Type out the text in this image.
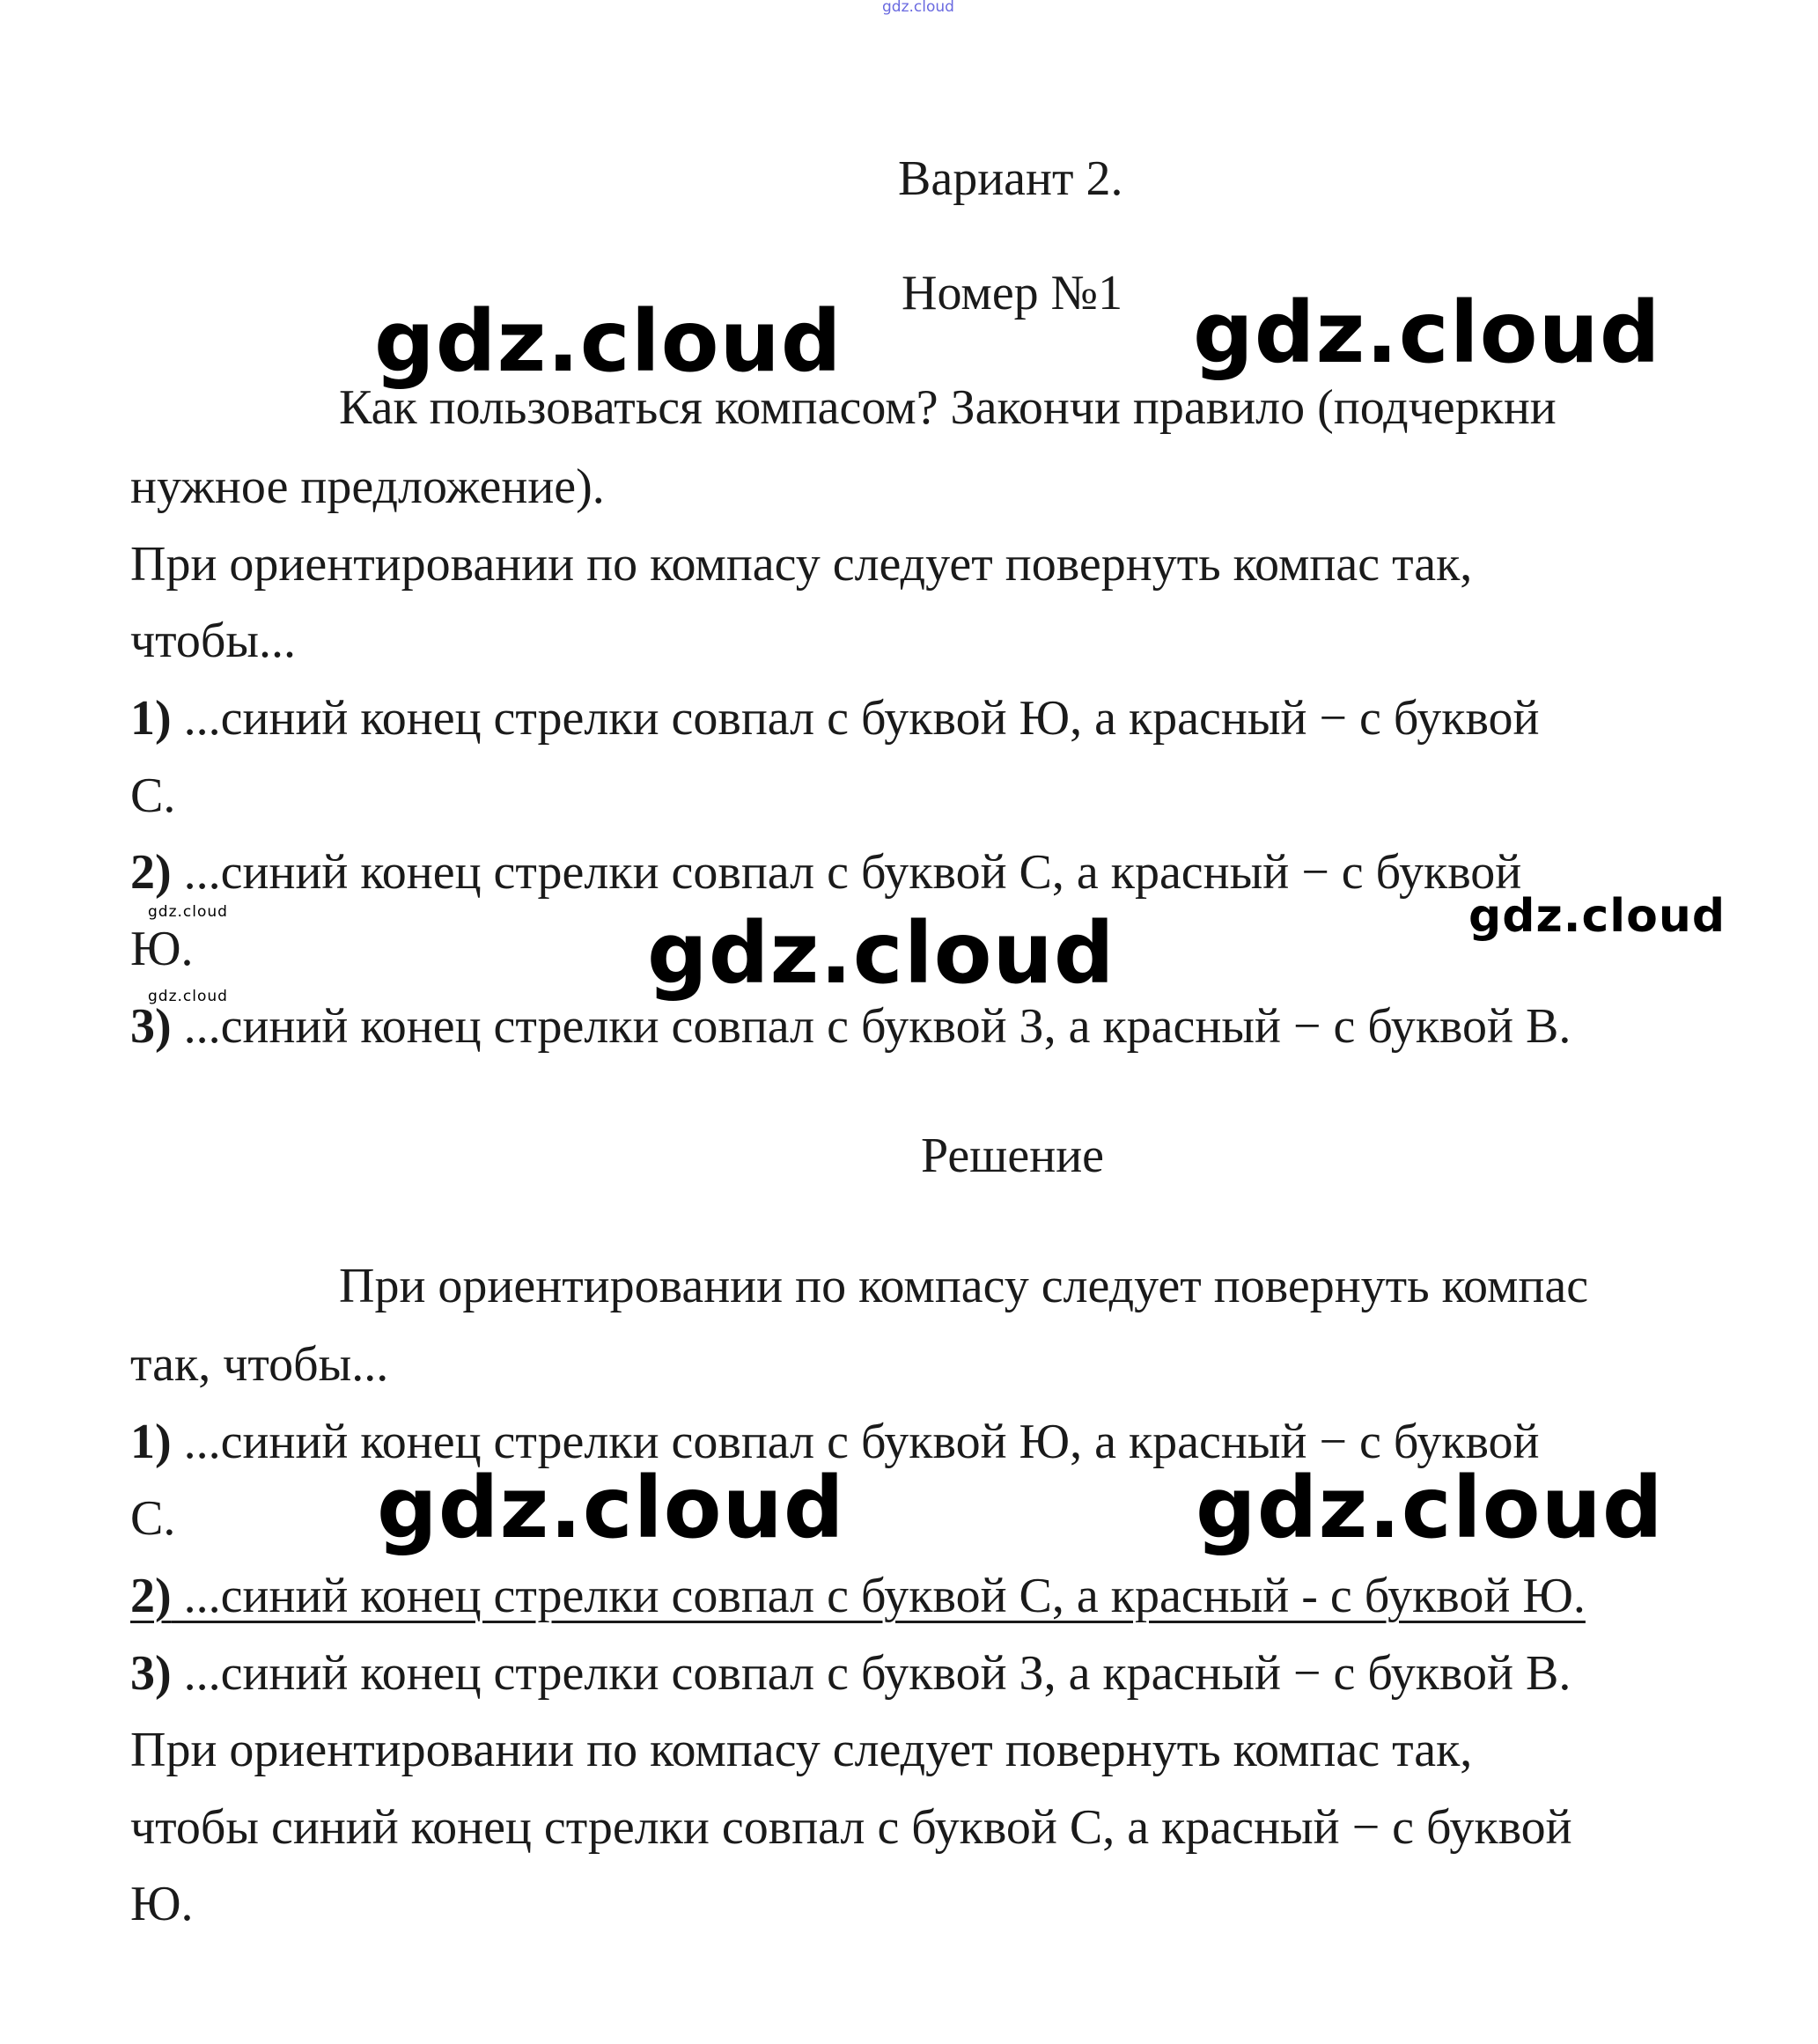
gdz.cloud
Вариант 2.
Номер №1
Как пользоваться компасом? Закончи правило (подчеркни
нужное предложение).
При ориентировании по компасу следует повернуть компас так,
чтобы...
1) ...синий конец стрелки совпал с буквой Ю, а красный − с буквой
С.
2) ...синий конец стрелки совпал с буквой С, а красный − с буквой
Ю.
3) ...синий конец стрелки совпал с буквой З, а красный − с буквой В.
Решение
При ориентировании по компасу следует повернуть компас
так, чтобы...
1) ...синий конец стрелки совпал с буквой Ю, а красный − с буквой
С.
2) ...синий конец стрелки совпал с буквой С, а красный - с буквой Ю.
3) ...синий конец стрелки совпал с буквой З, а красный − с буквой В.
При ориентировании по компасу следует повернуть компас так,
чтобы синий конец стрелки совпал с буквой С, а красный − с буквой
Ю.
gdz.cloud	gdz.cloud
gdz.cloud	gdz.cloud
gdz.cloud
gdz.cloud
gdz.cloud	gdz.cloud
